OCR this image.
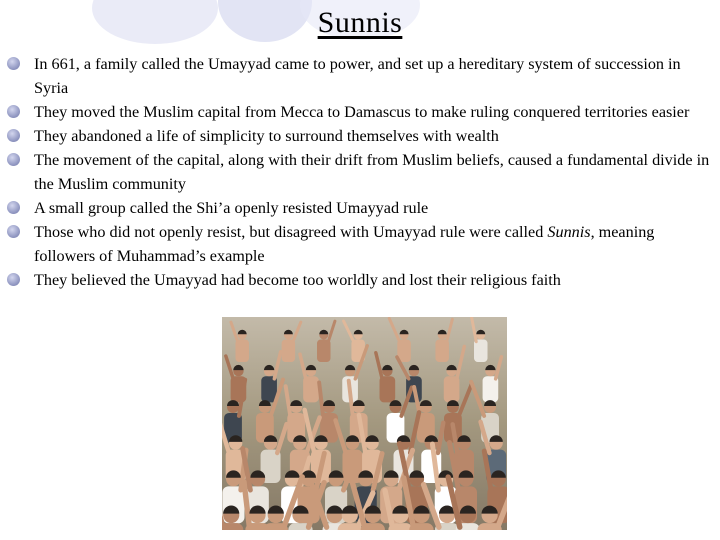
Sunnis
In 661, a family called the Umayyad came to power, and set up a hereditary system of succession in Syria
They moved the Muslim capital from Mecca to Damascus to make ruling conquered territories easier
They abandoned a life of simplicity to surround themselves with wealth
The movement of the capital, along with their drift from Muslim beliefs, caused a fundamental divide in the Muslim community
A small group called the Shi’a openly resisted Umayyad rule
Those who did not openly resist, but disagreed with Umayyad rule were called Sunnis, meaning followers of Muhammad’s example
They believed the Umayyad had become too worldly and lost their religious faith
